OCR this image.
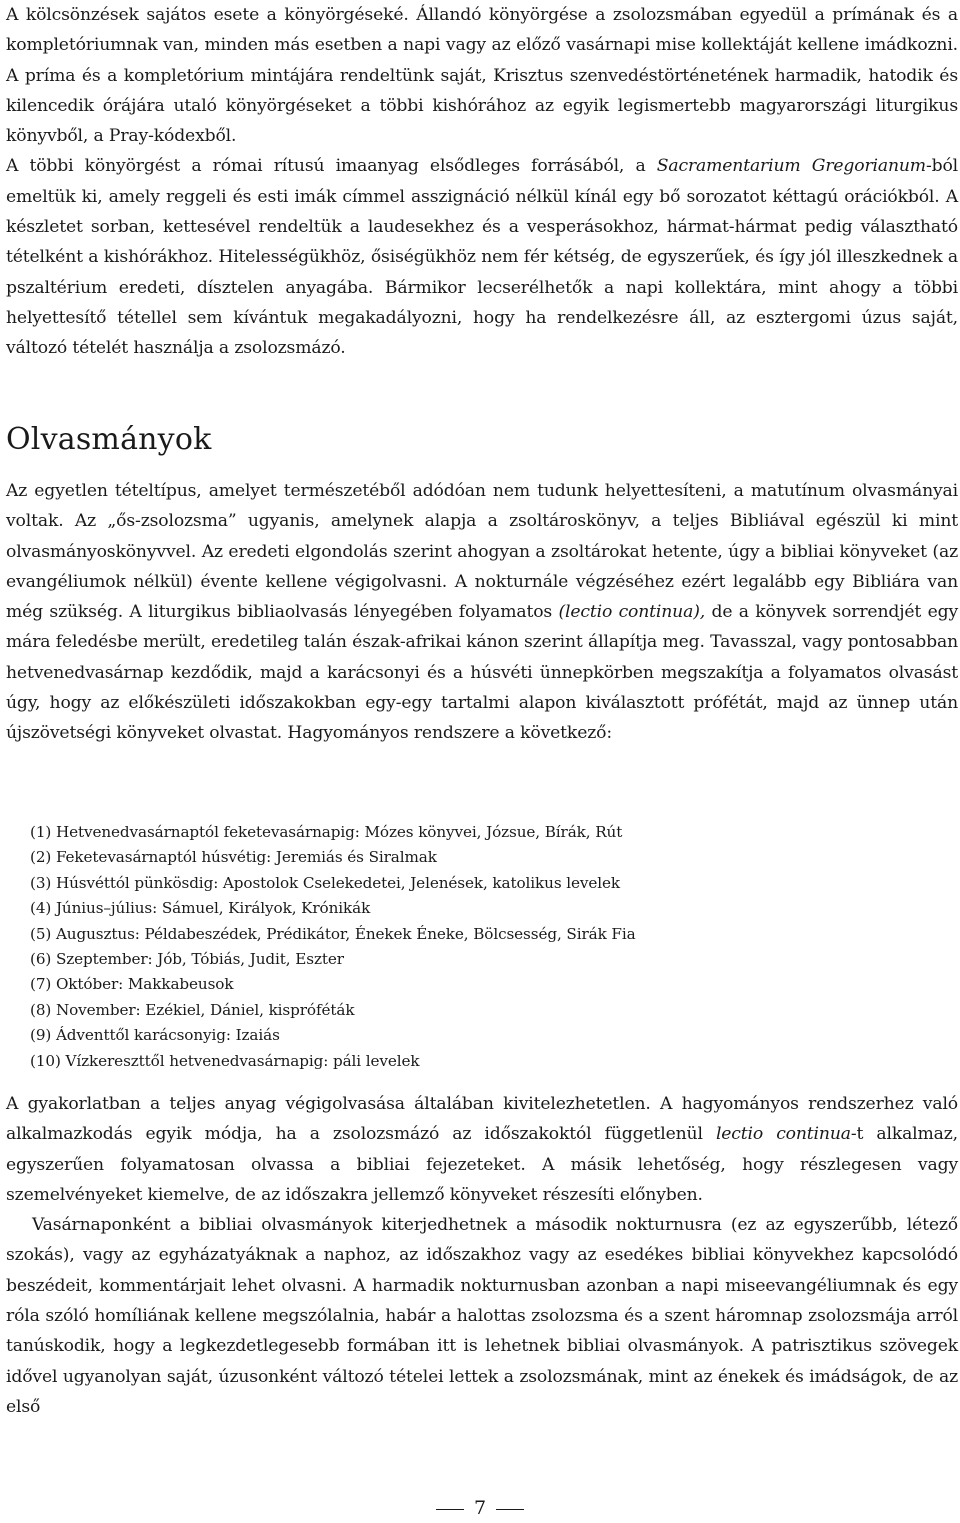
A kölcsönzések sajátos esete a könyörgéseké. Állandó könyörgése a zsolozsmában egyedül a prímának és a kompletóriumnak van, minden más esetben a napi vagy az előző vasárnapi mise kollektáját kellene imádkozni. A príma és a kompletórium mintájára rendeltünk saját, Krisztus szenvedéstörténetének harmadik, hatodik és kilencedik órájára utaló könyörgéseket a többi kishórához az egyik legismertebb magyarországi liturgikus könyvből, a Pray-kódexből.

A többi könyörgést a római rítusú imaanyag elsődleges forrásából, a Sacramentarium Gregorianum-ból emeltük ki, amely reggeli és esti imák címmel asszignáció nélkül kínál egy bő sorozatot kéttagú orációkból. A készletet sorban, kettesével rendeltük a laudesekhez és a vesperásokhoz, hármat-hármat pedig választható tételként a kishórákhoz. Hitelességükhöz, ősiségükhöz nem fér kétség, de egyszerűek, és így jól illeszkednek a pszaltérium eredeti, dísztelen anyagába. Bármikor lecserélhetők a napi kollektára, mint ahogy a többi helyettesítő tétellel sem kívántuk megakadályozni, hogy ha rendelkezésre áll, az esztergomi úzus saját, változó tételét használja a zsolozsmázó.

Olvasmányok

Az egyetlen tételtípus, amelyet természetéből adódóan nem tudunk helyettesíteni, a matutínum olvasmányai voltak. Az „ős-zsolozsma” ugyanis, amelynek alapja a zsoltároskönyv, a teljes Bibliával egészül ki mint olvasmányoskönyvvel. Az eredeti elgondolás szerint ahogyan a zsoltárokat hetente, úgy a bibliai könyveket (az evangéliumok nélkül) évente kellene végigolvasni. A nokturnále végzéséhez ezért legalább egy Bibliára van még szükség. A liturgikus bibliaolvasás lényegében folyamatos (lectio continua), de a könyvek sorrendjét egy mára feledésbe merült, eredetileg talán észak-afrikai kánon szerint állapítja meg. Tavasszal, vagy pontosabban hetvenedvasárnap kezdődik, majd a karácsonyi és a húsvéti ünnepkörben megszakítja a folyamatos olvasást úgy, hogy az előkészületi időszakokban egy-egy tartalmi alapon kiválasztott prófétát, majd az ünnep után újszövetségi könyveket olvastat. Hagyományos rendszere a következő:

(1) Hetvenedvasárnaptól feketevasárnapig: Mózes könyvei, Józsue, Bírák, Rút
(2) Feketevasárnaptól húsvétig: Jeremiás és Siralmak
(3) Húsvéttól pünkösdig: Apostolok Cselekedetei, Jelenések, katolikus levelek
(4) Június–július: Sámuel, Királyok, Krónikák
(5) Augusztus: Példabeszédek, Prédikátor, Énekek Éneke, Bölcsesség, Sirák Fia
(6) Szeptember: Jób, Tóbiás, Judit, Eszter
(7) Október: Makkabeusok
(8) November: Ezékiel, Dániel, kispróféták
(9) Ádventtől karácsonyig: Izaiás
(10) Vízkereszttől hetvenedvasárnapig: páli levelek

A gyakorlatban a teljes anyag végigolvasása általában kivitelezhetetlen. A hagyományos rendszerhez való alkalmazkodás egyik módja, ha a zsolozsmázó az időszakoktól függetlenül lectio continua-t alkalmaz, egyszerűen folyamatosan olvassa a bibliai fejezeteket. A másik lehetőség, hogy részlegesen vagy szemelvényeket kiemelve, de az időszakra jellemző könyveket részesíti előnyben.

Vasárnaponként a bibliai olvasmányok kiterjedhetnek a második nokturnusra (ez az egyszerűbb, létező szokás), vagy az egyházatyáknak a naphoz, az időszakhoz vagy az esedékes bibliai könyvekhez kapcsolódó beszédeit, kommentárjait lehet olvasni. A harmadik nokturnusban azonban a napi miseevangéliumnak és egy róla szóló homíliának kellene megszólalnia, habár a halottas zsolozsma és a szent háromnap zsolozsmája arról tanúskodik, hogy a legkezdetlegesebb formában itt is lehetnek bibliai olvasmányok. A patrisztikus szövegek idővel ugyanolyan saját, úzusonként változó tételei lettek a zsolozsmának, mint az énekek és imádságok, de az első

7
